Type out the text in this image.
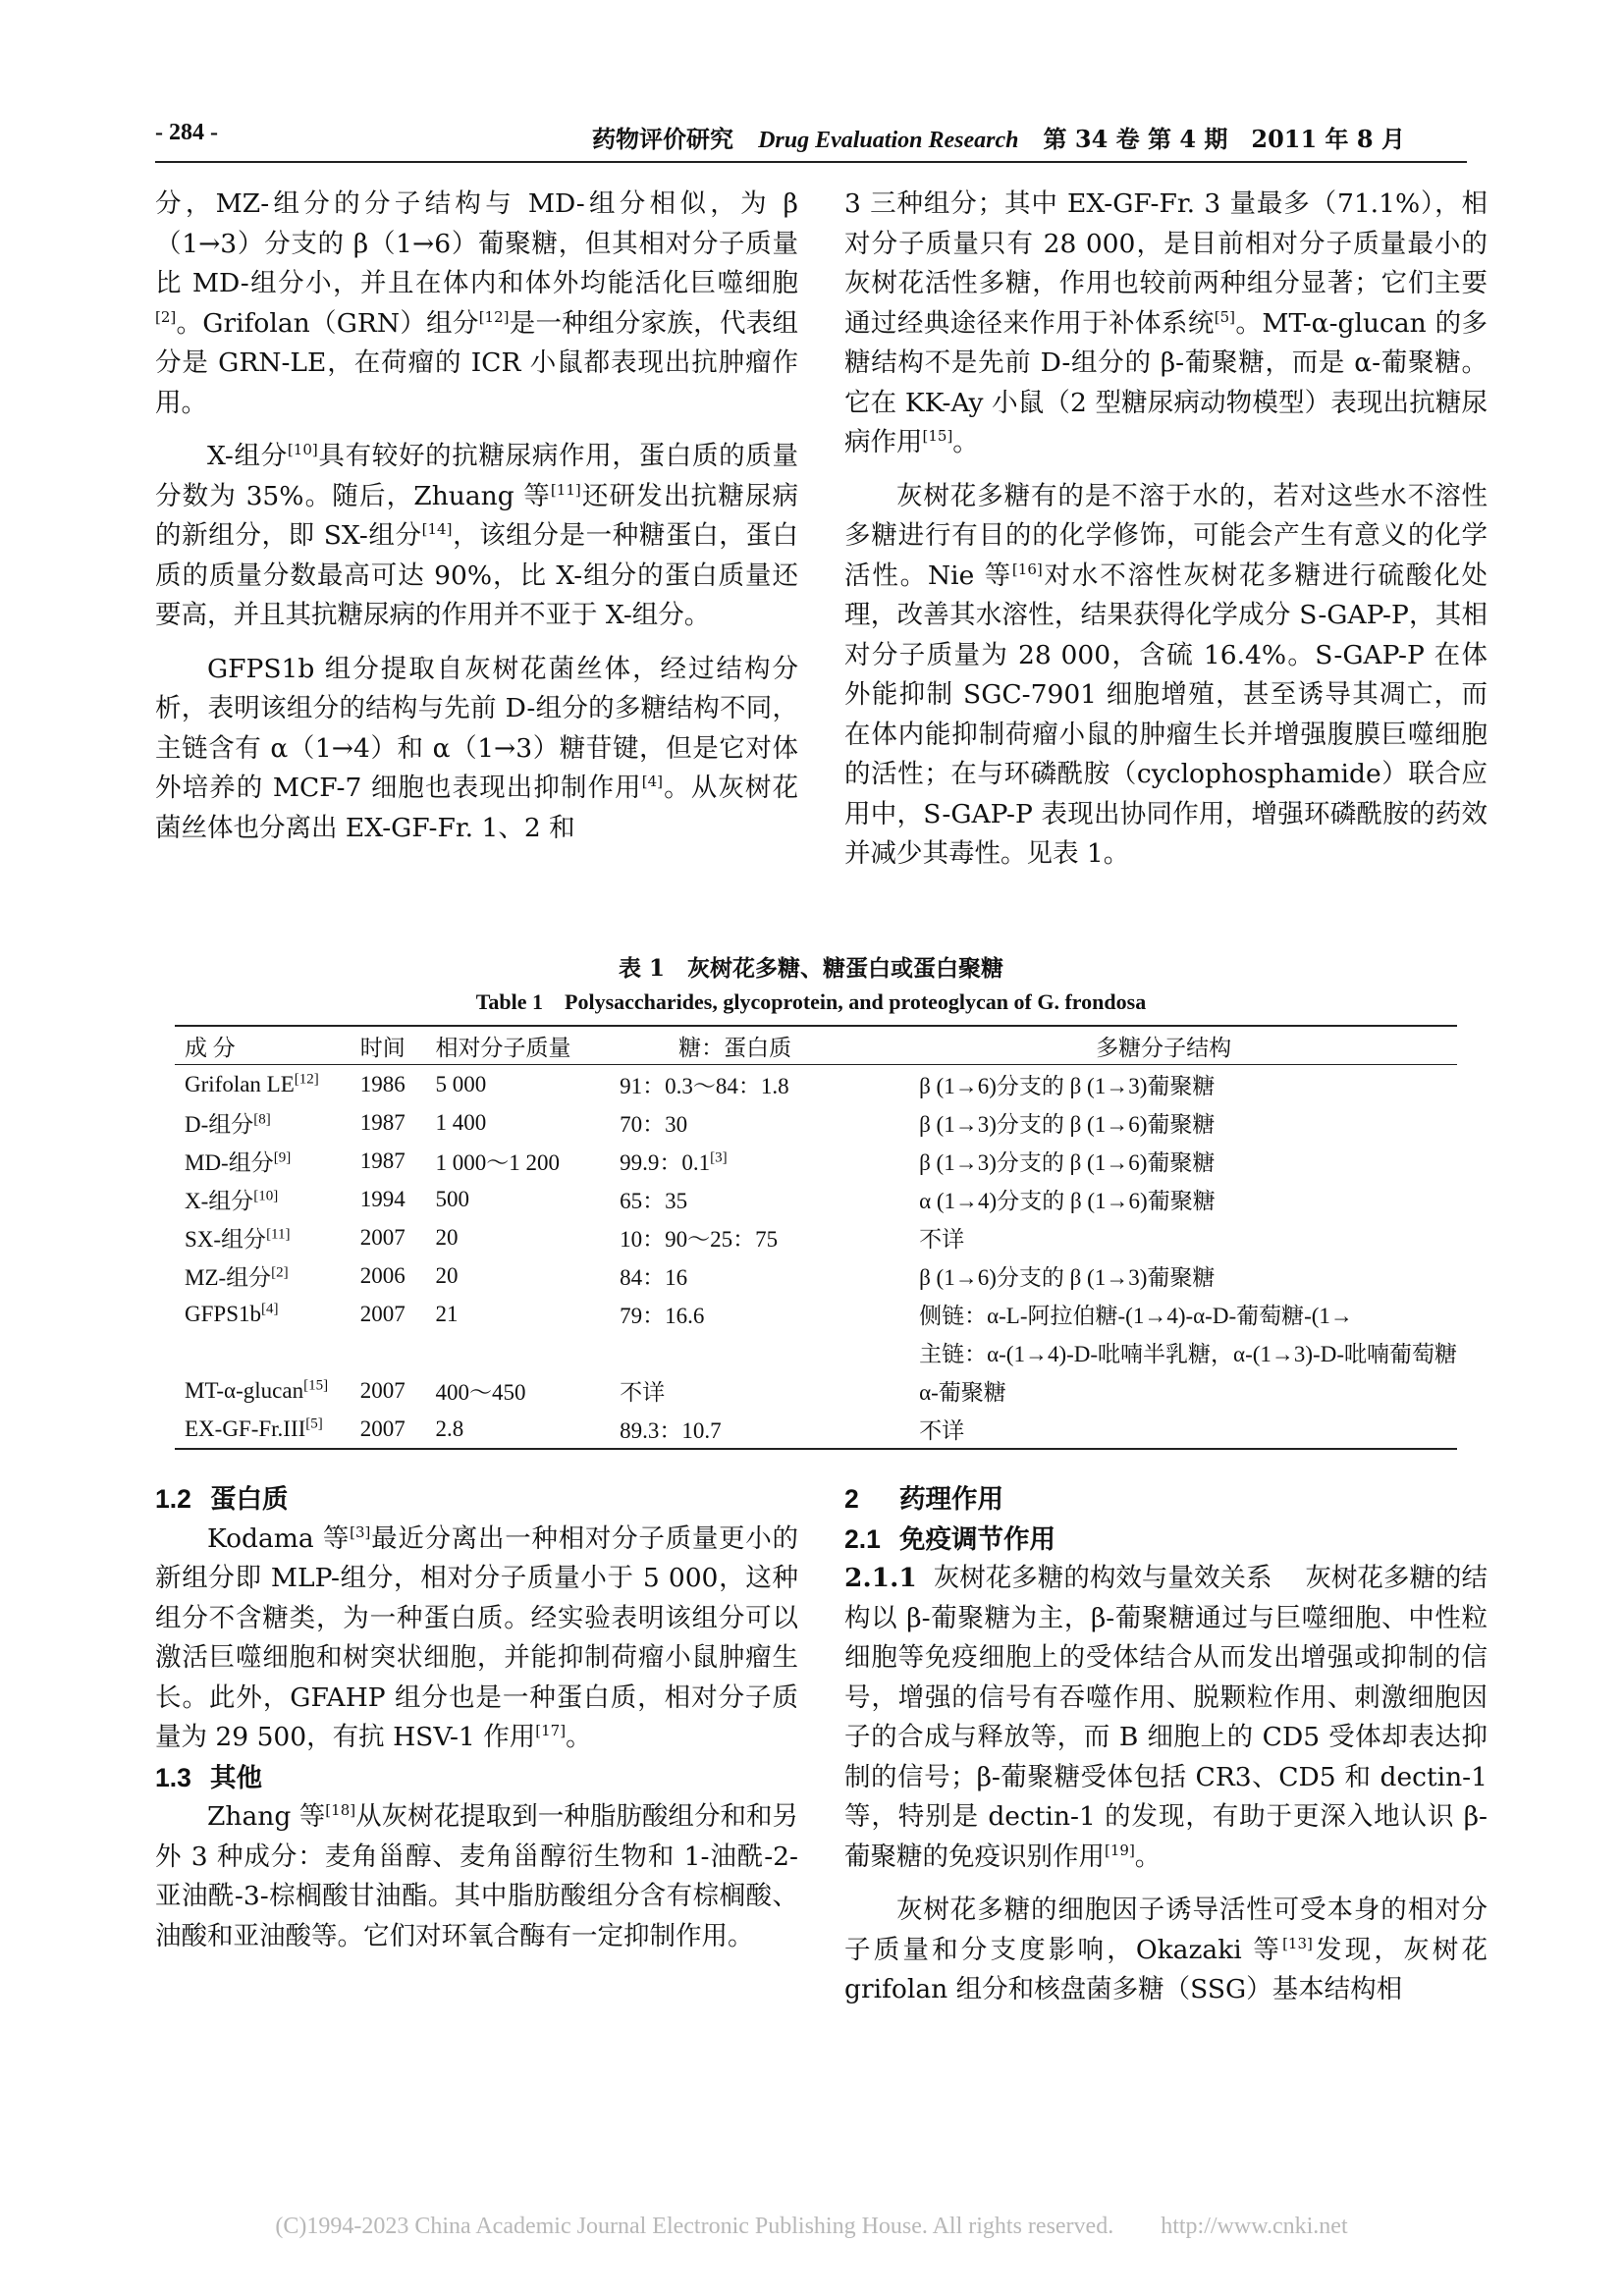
- 284 -	药物评价研究 Drug Evaluation Research 第 34 卷 第 4 期　2011 年 8 月

分，MZ-组分的分子结构与 MD-组分相似，为 β（1→3）分支的 β（1→6）葡聚糖，但其相对分子质量比 MD-组分小，并且在体内和体外均能活化巨噬细胞[2]。Grifolan（GRN）组分[12]是一种组分家族，代表组分是 GRN-LE，在荷瘤的 ICR 小鼠都表现出抗肿瘤作用。

X-组分[10]具有较好的抗糖尿病作用，蛋白质的质量分数为 35%。随后，Zhuang 等[11]还研发出抗糖尿病的新组分，即 SX-组分[14]，该组分是一种糖蛋白，蛋白质的质量分数最高可达 90%，比 X-组分的蛋白质量还要高，并且其抗糖尿病的作用并不亚于 X-组分。

GFPS1b 组分提取自灰树花菌丝体，经过结构分析，表明该组分的结构与先前 D-组分的多糖结构不同，主链含有 α（1→4）和 α（1→3）糖苷键，但是它对体外培养的 MCF-7 细胞也表现出抑制作用[4]。从灰树花菌丝体也分离出 EX-GF-Fr. 1、2 和

3 三种组分；其中 EX-GF-Fr. 3 量最多（71.1%），相对分子质量只有 28 000，是目前相对分子质量最小的灰树花活性多糖，作用也较前两种组分显著；它们主要通过经典途径来作用于补体系统[5]。MT-α-glucan 的多糖结构不是先前 D-组分的 β-葡聚糖，而是 α-葡聚糖。它在 KK-Ay 小鼠（2 型糖尿病动物模型）表现出抗糖尿病作用[15]。

灰树花多糖有的是不溶于水的，若对这些水不溶性多糖进行有目的的化学修饰，可能会产生有意义的化学活性。Nie 等[16]对水不溶性灰树花多糖进行硫酸化处理，改善其水溶性，结果获得化学成分 S-GAP-P，其相对分子质量为 28 000，含硫 16.4%。S-GAP-P 在体外能抑制 SGC-7901 细胞增殖，甚至诱导其凋亡，而在体内能抑制荷瘤小鼠的肿瘤生长并增强腹膜巨噬细胞的活性；在与环磷酰胺（cyclophosphamide）联合应用中，S-GAP-P 表现出协同作用，增强环磷酰胺的药效并减少其毒性。见表 1。

表 1　灰树花多糖、糖蛋白或蛋白聚糖
Table 1　Polysaccharides, glycoprotein, and proteoglycan of G. frondosa
成 分	时间	相对分子质量	糖：蛋白质	多糖分子结构
Grifolan LE[12]	1986	5 000	91：0.3～84：1.8	β (1→6)分支的 β (1→3)葡聚糖
D-组分[8]	1987	1 400	70：30	β (1→3)分支的 β (1→6)葡聚糖
MD-组分[9]	1987	1 000～1 200	99.9：0.1[3]	β (1→3)分支的 β (1→6)葡聚糖
X-组分[10]	1994	500	65：35	α (1→4)分支的 β (1→6)葡聚糖
SX-组分[11]	2007	20	10：90～25：75	不详
MZ-组分[2]	2006	20	84：16	β (1→6)分支的 β (1→3)葡聚糖
GFPS1b[4]	2007	21	79：16.6	侧链：α-L-阿拉伯糖-(1→4)-α-D-葡萄糖-(1→
				主链：α-(1→4)-D-吡喃半乳糖，α-(1→3)-D-吡喃葡萄糖
MT-α-glucan[15]	2007	400～450	不详	α-葡聚糖
EX-GF-Fr.III[5]	2007	2.8	89.3：10.7	不详

1.2 蛋白质

Kodama 等[3]最近分离出一种相对分子质量更小的新组分即 MLP-组分，相对分子质量小于 5 000，这种组分不含糖类，为一种蛋白质。经实验表明该组分可以激活巨噬细胞和树突状细胞，并能抑制荷瘤小鼠肿瘤生长。此外，GFAHP 组分也是一种蛋白质，相对分子质量为 29 500，有抗 HSV-1 作用[17]。

1.3 其他

Zhang 等[18]从灰树花提取到一种脂肪酸组分和和另外 3 种成分：麦角甾醇、麦角甾醇衍生物和 1-油酰-2-亚油酰-3-棕榈酸甘油酯。其中脂肪酸组分含有棕榈酸、油酸和亚油酸等。它们对环氧合酶有一定抑制作用。

2 药理作用

2.1 免疫调节作用

2.1.1 灰树花多糖的构效与量效关系 灰树花多糖的结构以 β-葡聚糖为主，β-葡聚糖通过与巨噬细胞、中性粒细胞等免疫细胞上的受体结合从而发出增强或抑制的信号，增强的信号有吞噬作用、脱颗粒作用、刺激细胞因子的合成与释放等，而 B 细胞上的 CD5 受体却表达抑制的信号；β-葡聚糖受体包括 CR3、CD5 和 dectin-1 等，特别是 dectin-1 的发现，有助于更深入地认识 β-葡聚糖的免疫识别作用[19]。

灰树花多糖的细胞因子诱导活性可受本身的相对分子质量和分支度影响，Okazaki 等[13]发现，灰树花 grifolan 组分和核盘菌多糖（SSG）基本结构相

(C)1994-2023 China Academic Journal Electronic Publishing House. All rights reserved.　　http://www.cnki.net
